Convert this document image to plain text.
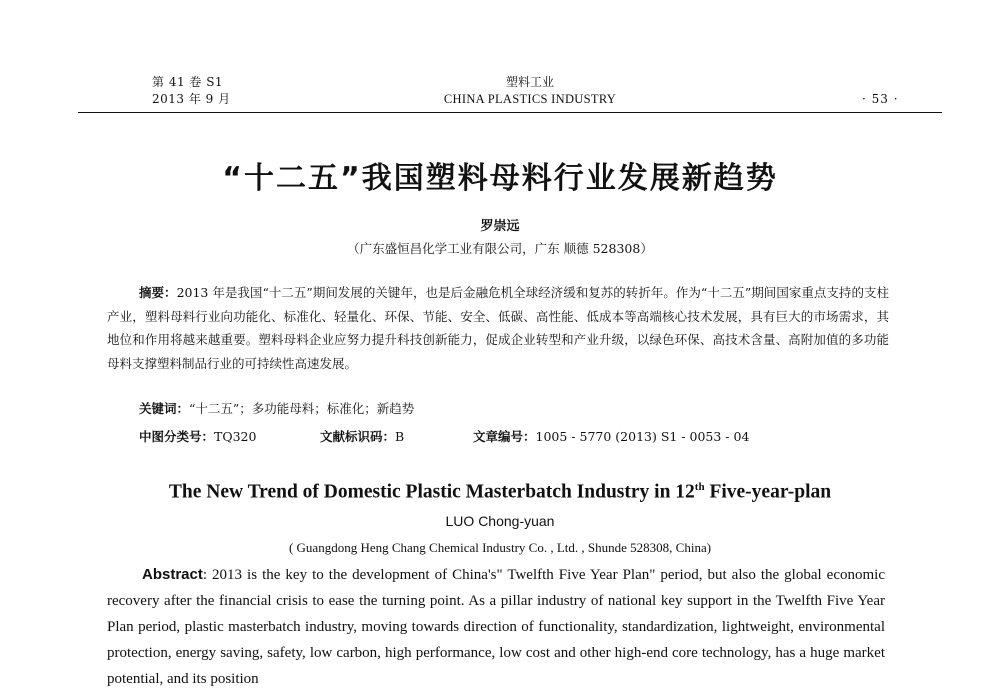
第 41 卷 S1
2013 年 9 月
塑料工业
CHINA PLASTICS INDUSTRY	· 53 ·
“十二五”我国塑料母料行业发展新趋势
罗崇远
（广东盛恒昌化学工业有限公司，广东 顺德 528308）
摘要：2013 年是我国“十二五”期间发展的关键年，也是后金融危机全球经济缓和复苏的转折年。作为“十二五”期间国家重点支持的支柱产业，塑料母料行业向功能化、标准化、轻量化、环保、节能、安全、低碳、高性能、低成本等高端核心技术发展，具有巨大的市场需求，其地位和作用将越来越重要。塑料母料企业应努力提升科技创新能力，促成企业转型和产业升级，以绿色环保、高技术含量、高附加值的多功能母料支撑塑料制品行业的可持续性高速发展。
关键词：“十二五”；多功能母料；标准化；新趋势
中图分类号：TQ320	文献标识码：B	文章编号：1005 - 5770 (2013) S1 - 0053 - 04
The New Trend of Domestic Plastic Masterbatch Industry in 12th Five-year-plan
LUO Chong-yuan
( Guangdong Heng Chang Chemical Industry Co. , Ltd. , Shunde 528308, China)
Abstract: 2013 is the key to the development of China's" Twelfth Five Year Plan" period, but also the global economic recovery after the financial crisis to ease the turning point. As a pillar industry of national key support in the Twelfth Five Year Plan period, plastic masterbatch industry, moving towards direction of functionality, standardization, lightweight, environmental protection, energy saving, safety, low carbon, high performance, low cost and other high-end core technology, has a huge market potential, and its position
